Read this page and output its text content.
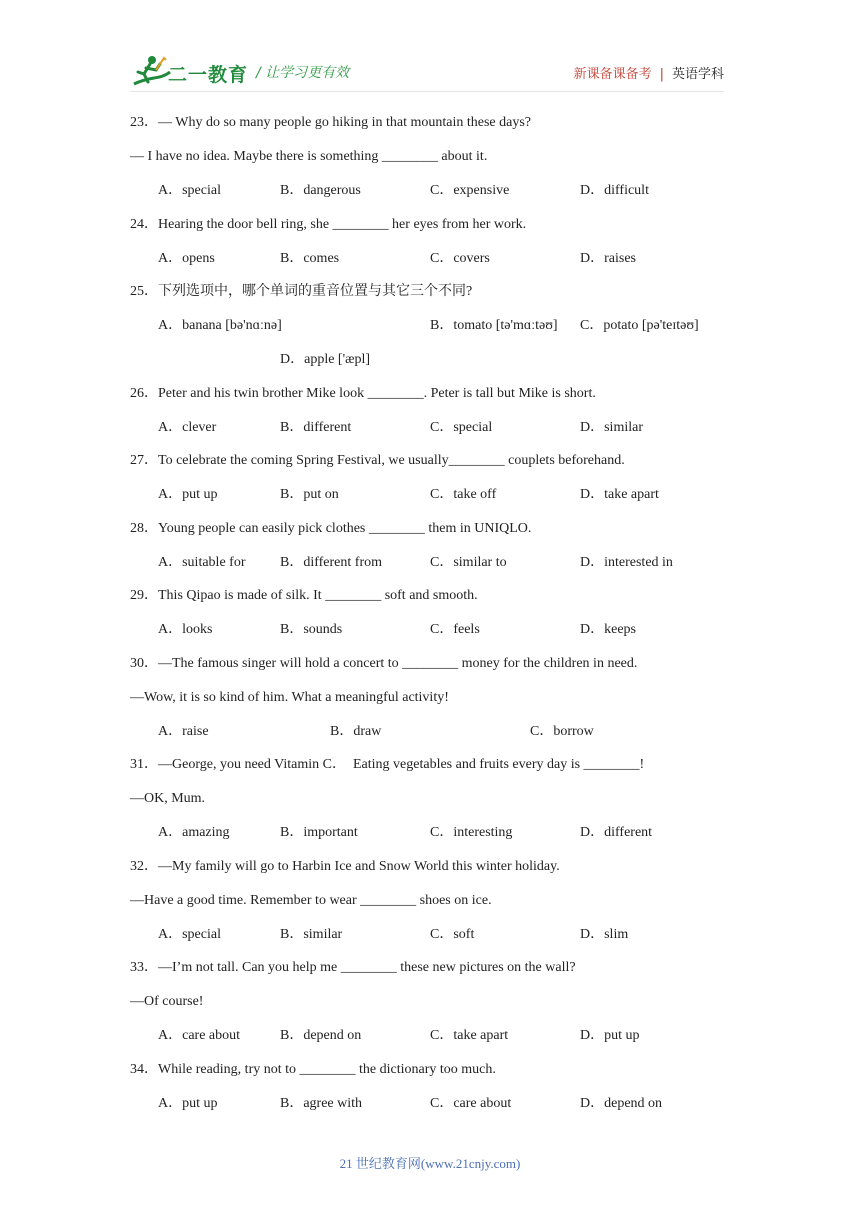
二一教育 / 让学习更有效	新课备课备考 | 英语学科
23．— Why do so many people go hiking in that mountain these days?
— I have no idea. Maybe there is something ________ about it.
A．special	B．dangerous	C．expensive	D．difficult
24．Hearing the door bell ring, she ________ her eyes from her work.
A．opens	B．comes	C．covers	D．raises
25．下列选项中，哪个单词的重音位置与其它三个不同?
A．banana [bə'nɑːnə]	B．tomato [tə'mɑːtəʊ] C．potato [pə'teɪtəʊ]
D．apple ['æpl]
26．Peter and his twin brother Mike look ________. Peter is tall but Mike is short.
A．clever	B．different	C．special	D．similar
27．To celebrate the coming Spring Festival, we usually________ couplets beforehand.
A．put up	B．put on	C．take off	D．take apart
28．Young people can easily pick clothes ________ them in UNIQLO.
A．suitable for B．different from	C．similar to	D．interested in
29．This Qipao is made of silk. It ________ soft and smooth.
A．looks	B．sounds	C．feels	D．keeps
30．—The famous singer will hold a concert to ________ money for the children in need.
—Wow, it is so kind of him. What a meaningful activity!
A．raise	B．draw	C．borrow
31．—George, you need Vitamin C．  Eating vegetables and fruits every day is ________!
—OK, Mum.
A．amazing	B．important	C．interesting	D．different
32．—My family will go to Harbin Ice and Snow World this winter holiday.
—Have a good time. Remember to wear ________ shoes on ice.
A．special	B．similar	C．soft	D．slim
33．—I’m not tall. Can you help me ________ these new pictures on the wall?
—Of course!
A．care about	B．depend on	C．take apart	D．put up
34．While reading, try not to ________ the dictionary too much.
A．put up	B．agree with	C．care about	D．depend on
21 世纪教育网(www.21cnjy.com)
